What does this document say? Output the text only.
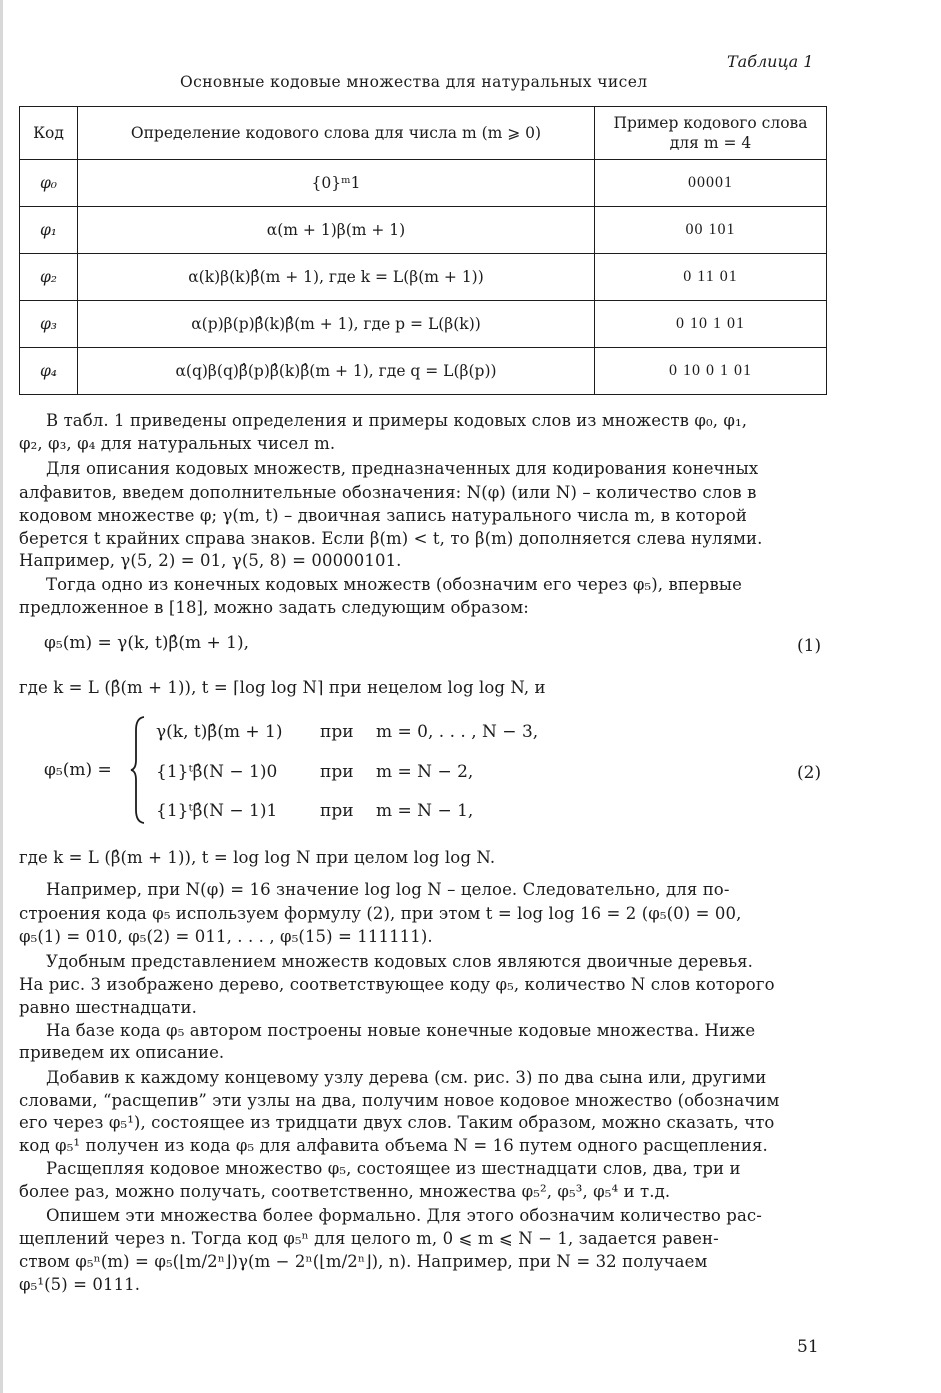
Таблица 1
Основные кодовые множества для натуральных чисел
Код	Определение кодового слова для числа m (m ⩾ 0)	Пример кодового слова
для m = 4
φ₀	{0}ᵐ1	00001
φ₁	α(m + 1)β(m + 1)	00 101
φ₂	α(k)β(k)β̂(m + 1), где k = L(β(m + 1))	0 11 01
φ₃	α(p)β(p)β̂(k)β̂(m + 1), где p = L(β(k))	0 10 1 01
φ₄	α(q)β(q)β̂(p)β̂(k)β̂(m + 1), где q = L(β(p))	0 10 0 1 01
В табл. 1 приведены определения и примеры кодовых слов из множеств φ₀, φ₁,
φ₂, φ₃, φ₄ для натуральных чисел m.
Для описания кодовых множеств, предназначенных для кодирования конечных
алфавитов, введем дополнительные обозначения: N(φ) (или N) – количество слов в
кодовом множестве φ; γ(m, t) – двоичная запись натурального числа m, в которой
берется t крайних справа знаков. Если β(m) < t, то β(m) дополняется слева нулями.
Например, γ(5, 2) = 01, γ(5, 8) = 00000101.
Тогда одно из конечных кодовых множеств (обозначим его через φ₅), впервые
предложенное в [18], можно задать следующим образом:
φ₅(m) = γ(k, t)β̂(m + 1),	(1)
где k = L (β̂(m + 1)), t = ⌈log log N⌉ при нецелом log log N, и
φ₅(m) =
γ(k, t)β̂(m + 1) при m = 0, . . . , N − 3,
{1}ᵗβ̂(N − 1)0	при m = N − 2,
{1}ᵗβ̂(N − 1)1	при m = N − 1,
(2)
где k = L (β̂(m + 1)), t = log log N при целом log log N.
Например, при N(φ) = 16 значение log log N – целое. Следовательно, для по-
строения кода φ₅ используем формулу (2), при этом t = log log 16 = 2 (φ₅(0) = 00,
φ₅(1) = 010, φ₅(2) = 011, . . . , φ₅(15) = 111111).
Удобным представлением множеств кодовых слов являются двоичные деревья.
На рис. 3 изображено дерево, соответствующее коду φ₅, количество N слов которого
равно шестнадцати.
На базе кода φ₅ автором построены новые конечные кодовые множества. Ниже
приведем их описание.
Добавив к каждому концевому узлу дерева (см. рис. 3) по два сына или, другими
словами, “расщепив” эти узлы на два, получим новое кодовое множество (обозначим
его через φ₅¹), состоящее из тридцати двух слов. Таким образом, можно сказать, что
код φ₅¹ получен из кода φ₅ для алфавита объема N = 16 путем одного расщепления.
Расщепляя кодовое множество φ₅, состоящее из шестнадцати слов, два, три и
более раз, можно получать, соответственно, множества φ₅², φ₅³, φ₅⁴ и т.д.
Опишем эти множества более формально. Для этого обозначим количество рас-
щеплений через n. Тогда код φ₅ⁿ для целого m, 0 ⩽ m ⩽ N − 1, задается равен-
ством φ₅ⁿ(m) = φ₅(⌊m/2ⁿ⌋)γ(m − 2ⁿ(⌊m/2ⁿ⌋), n). Например, при N = 32 получаем
φ₅¹(5) = 0111.
51
